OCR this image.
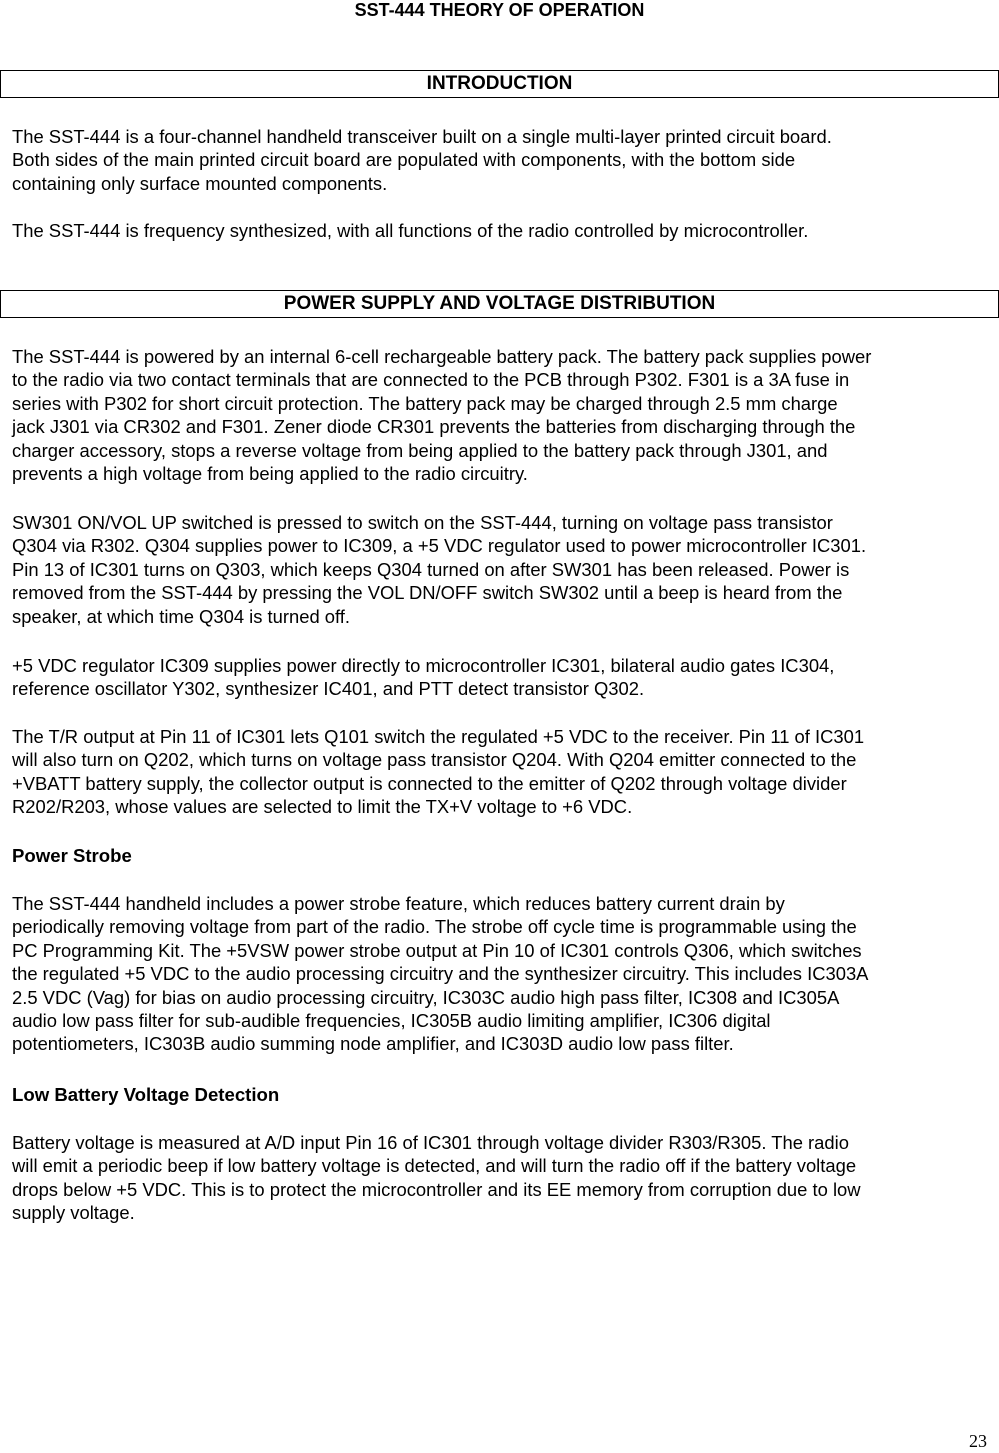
SST-444 THEORY OF OPERATION
INTRODUCTION

The SST-444 is a four-channel handheld transceiver built on a single multi-layer printed circuit board.
Both sides of the main printed circuit board are populated with components, with the bottom side
containing only surface mounted components.

The SST-444 is frequency synthesized, with all functions of the radio controlled by microcontroller.

POWER SUPPLY AND VOLTAGE DISTRIBUTION

The SST-444 is powered by an internal 6-cell rechargeable battery pack. The battery pack supplies power
to the radio via two contact terminals that are connected to the PCB through P302. F301 is a 3A fuse in
series with P302 for short circuit protection. The battery pack may be charged through 2.5 mm charge
jack J301 via CR302 and F301. Zener diode CR301 prevents the batteries from discharging through the
charger accessory, stops a reverse voltage from being applied to the battery pack through J301, and
prevents a high voltage from being applied to the radio circuitry.

SW301 ON/VOL UP switched is pressed to switch on the SST-444, turning on voltage pass transistor
Q304 via R302. Q304 supplies power to IC309, a +5 VDC regulator used to power microcontroller IC301.
Pin 13 of IC301 turns on Q303, which keeps Q304 turned on after SW301 has been released. Power is
removed from the SST-444 by pressing the VOL DN/OFF switch SW302 until a beep is heard from the
speaker, at which time Q304 is turned off.

+5 VDC regulator IC309 supplies power directly to microcontroller IC301, bilateral audio gates IC304,
reference oscillator Y302, synthesizer IC401, and PTT detect transistor Q302.

The T/R output at Pin 11 of IC301 lets Q101 switch the regulated +5 VDC to the receiver. Pin 11 of IC301
will also turn on Q202, which turns on voltage pass transistor Q204. With Q204 emitter connected to the
+VBATT battery supply, the collector output is connected to the emitter of Q202 through voltage divider
R202/R203, whose values are selected to limit the TX+V voltage to +6 VDC.

Power Strobe

The SST-444 handheld includes a power strobe feature, which reduces battery current drain by
periodically removing voltage from part of the radio. The strobe off cycle time is programmable using the
PC Programming Kit. The +5VSW power strobe output at Pin 10 of IC301 controls Q306, which switches
the regulated +5 VDC to the audio processing circuitry and the synthesizer circuitry. This includes IC303A
2.5 VDC (Vag) for bias on audio processing circuitry, IC303C audio high pass filter, IC308 and IC305A
audio low pass filter for sub-audible frequencies, IC305B audio limiting amplifier, IC306 digital
potentiometers, IC303B audio summing node amplifier, and IC303D audio low pass filter.

Low Battery Voltage Detection

Battery voltage is measured at A/D input Pin 16 of IC301 through voltage divider R303/R305. The radio
will emit a periodic beep if low battery voltage is detected, and will turn the radio off if the battery voltage
drops below +5 VDC. This is to protect the microcontroller and its EE memory from corruption due to low
supply voltage.

23
